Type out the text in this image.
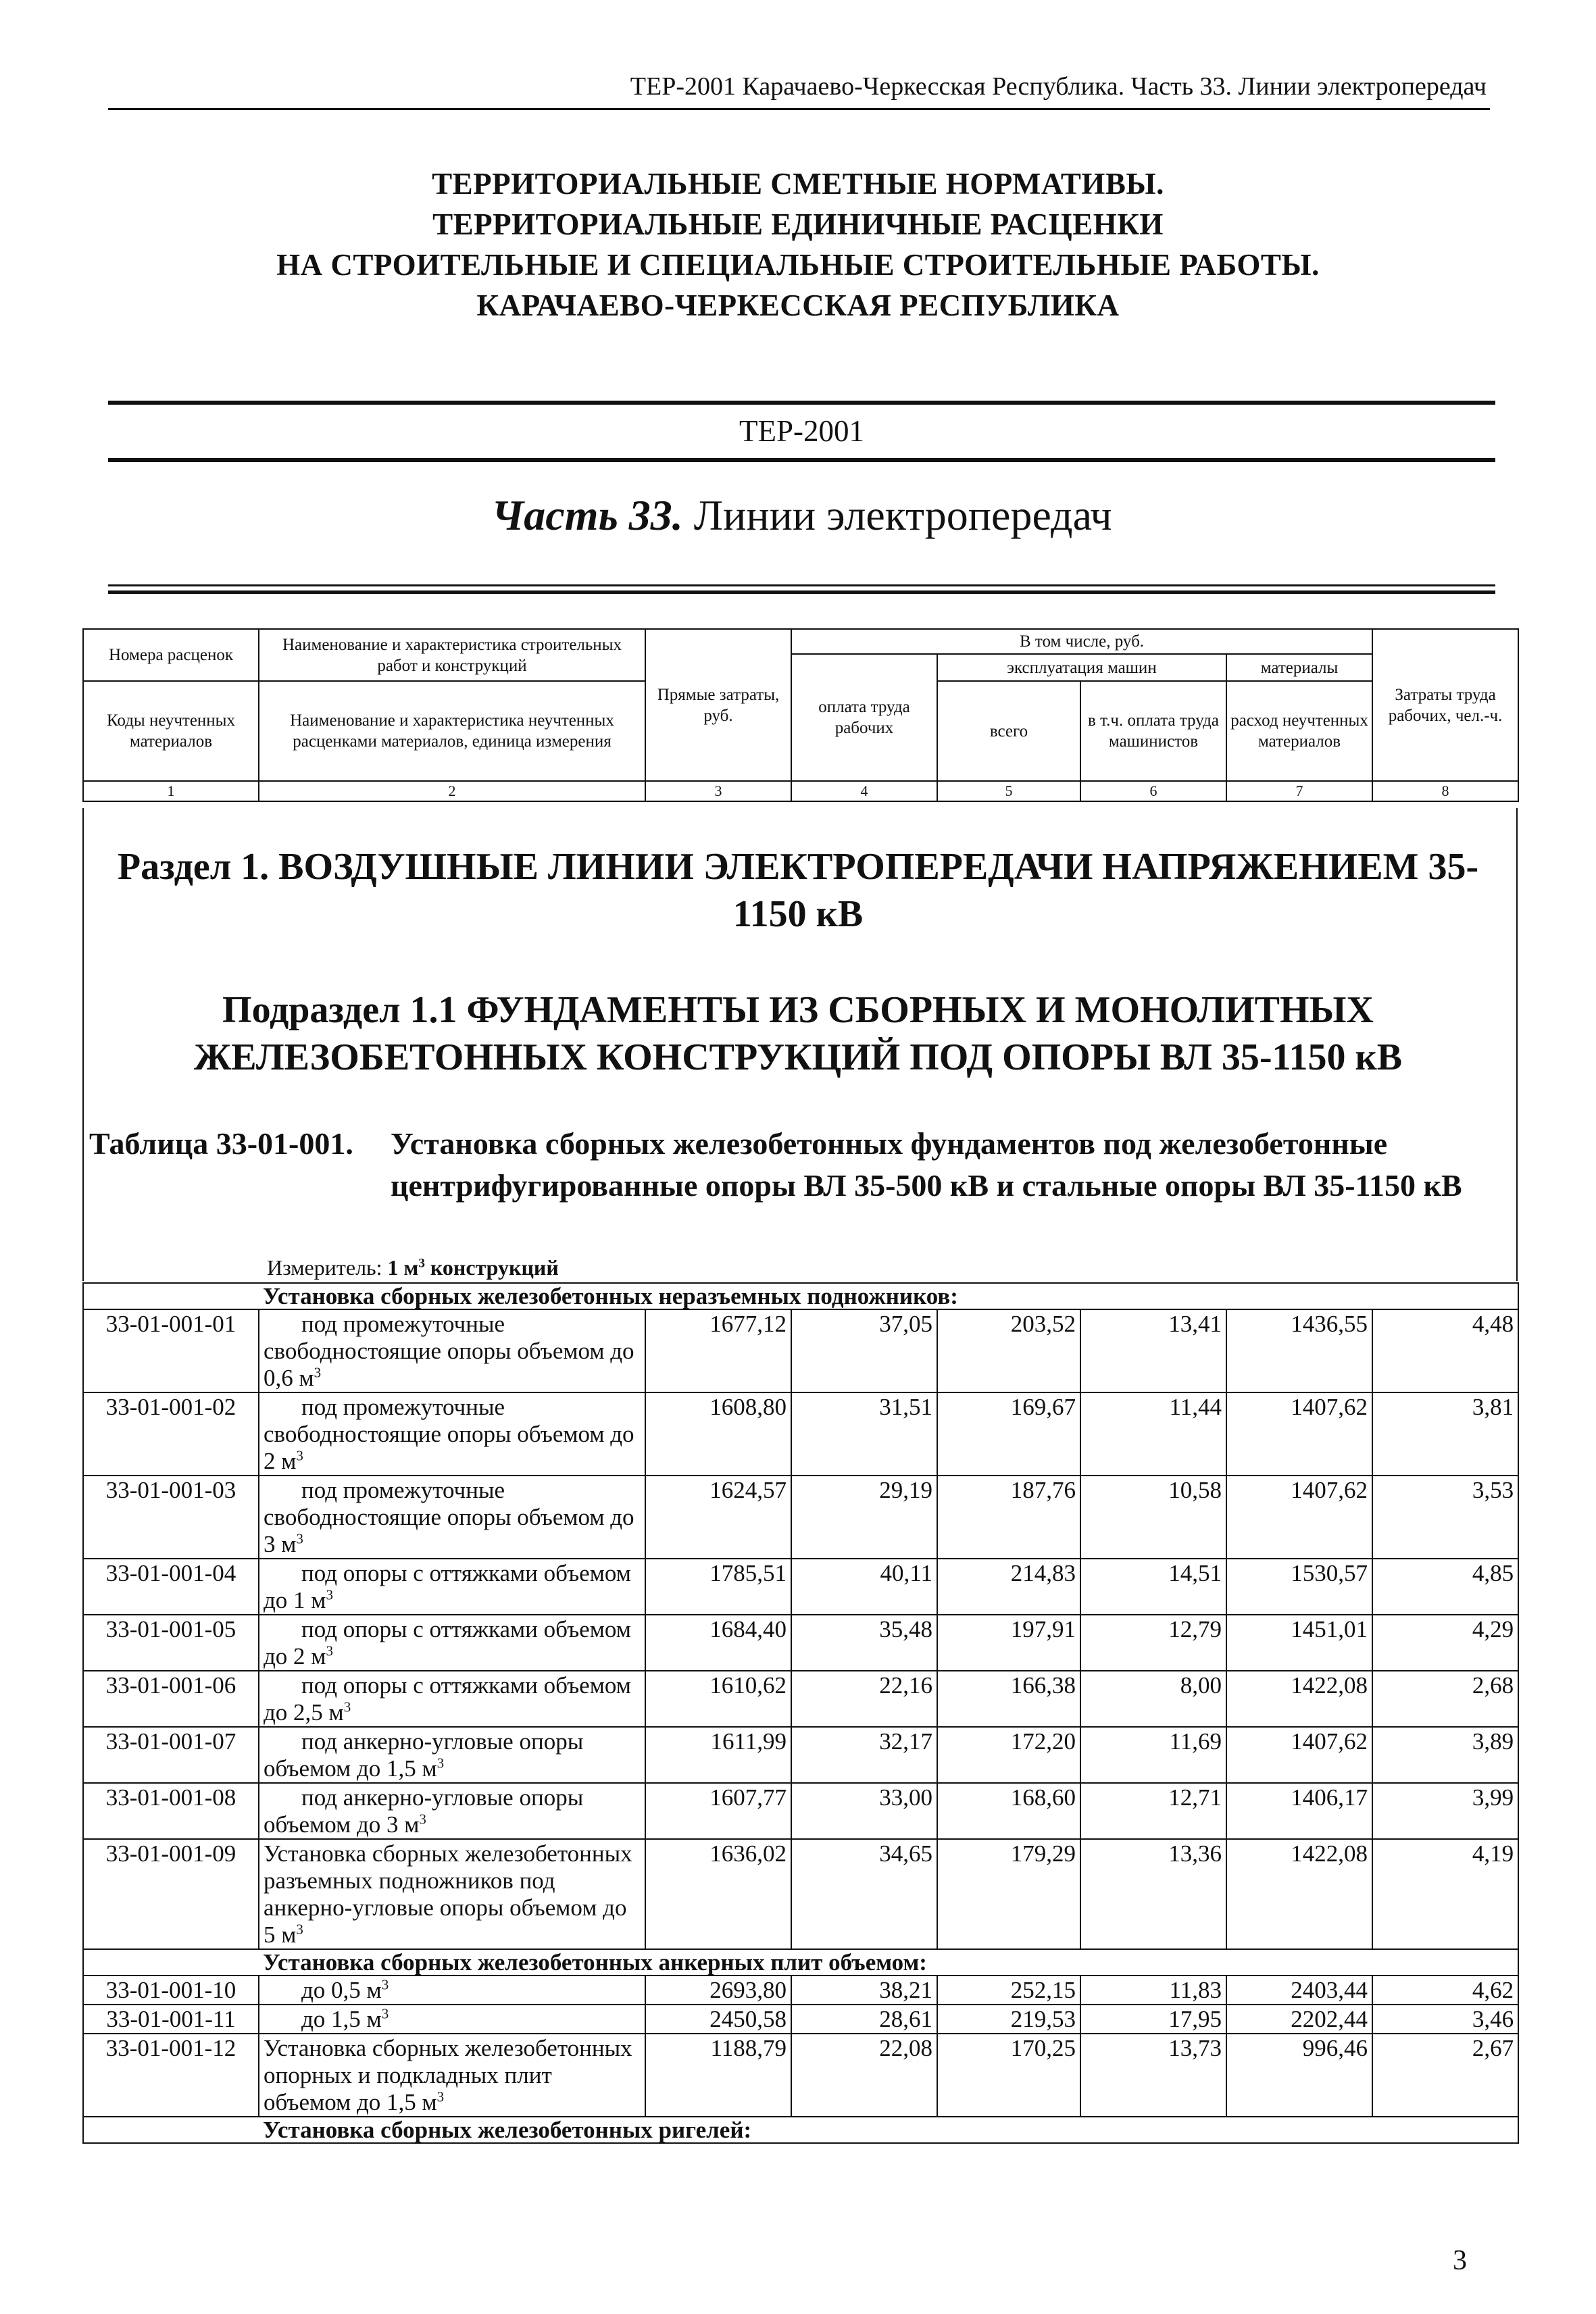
ТЕР-2001 Карачаево-Черкесская Республика. Часть 33. Линии электропередач
ТЕРРИТОРИАЛЬНЫЕ СМЕТНЫЕ НОРМАТИВЫ.
ТЕРРИТОРИАЛЬНЫЕ ЕДИНИЧНЫЕ РАСЦЕНКИ
НА СТРОИТЕЛЬНЫЕ И СПЕЦИАЛЬНЫЕ СТРОИТЕЛЬНЫЕ РАБОТЫ.
КАРАЧАЕВО-ЧЕРКЕССКАЯ РЕСПУБЛИКА
ТЕР-2001
Часть 33. Линии электропередач
Номера расценок	Наименование и характеристика строительных работ и конструкций	Прямые затраты, руб.	В том числе, руб.				Затраты труда рабочих, чел.-ч.
			оплата труда рабочих	эксплуатация машин		материалы	
Коды неучтенных материалов	Наименование и характеристика неучтенных расценками материалов, единица измерения			всего	в т.ч. оплата труда машинистов	расход неучтенных материалов	

1	2	3	4	5	6	7	8
Раздел 1. ВОЗДУШНЫЕ ЛИНИИ ЭЛЕКТРОПЕРЕДАЧИ НАПРЯЖЕНИЕМ 35-1150 кВ
Подраздел 1.1 ФУНДАМЕНТЫ ИЗ СБОРНЫХ И МОНОЛИТНЫХ ЖЕЛЕЗОБЕТОННЫХ КОНСТРУКЦИЙ ПОД ОПОРЫ ВЛ 35-1150 кВ
Таблица 33-01-001. Установка сборных железобетонных фундаментов под железобетонные центрифугированные опоры ВЛ 35-500 кВ и стальные опоры ВЛ 35-1150 кВ
Измеритель: 1 $м^3$ конструкций
	Установка сборных железобетонных неразъемных подножников:						
33-01-001-01	под промежуточные свободностоящие опоры объемом до 0,6 $м^3$	1677,12	37,05	203,52	13,41	1436,55	4,48
33-01-001-02	под промежуточные свободностоящие опоры объемом до 2 $м^3$	1608,80	31,51	169,67	11,44	1407,62	3,81
33-01-001-03	под промежуточные свободностоящие опоры объемом до 3 $м^3$	1624,57	29,19	187,76	10,58	1407,62	3,53
33-01-001-04	под опоры с оттяжками объемом до 1 $м^3$	1785,51	40,11	214,83	14,51	1530,57	4,85
33-01-001-05	под опоры с оттяжками объемом до 2 $м^3$	1684,40	35,48	197,91	12,79	1451,01	4,29
33-01-001-06	под опоры с оттяжками объемом до 2,5 $м^3$	1610,62	22,16	166,38	8,00	1422,08	2,68
33-01-001-07	под анкерно-угловые опоры объемом до 1,5 $м^3$	1611,99	32,17	172,20	11,69	1407,62	3,89
33-01-001-08	под анкерно-угловые опоры объемом до 3 $м^3$	1607,77	33,00	168,60	12,71	1406,17	3,99
33-01-001-09	Установка сборных железобетонных разъемных подножников под анкерно-угловые опоры объемом до 5 $м^3$	1636,02	34,65	179,29	13,36	1422,08	4,19
	Установка сборных железобетонных анкерных плит объемом:						
33-01-001-10	до 0,5 $м^3$	2693,80	38,21	252,15	11,83	2403,44	4,62
33-01-001-11	до 1,5 $м^3$	2450,58	28,61	219,53	17,95	2202,44	3,46
33-01-001-12	Установка сборных железобетонных опорных и подкладных плит объемом до 1,5 $м^3$	1188,79	22,08	170,25	13,73	996,46	2,67
	Установка сборных железобетонных ригелей:						
3
